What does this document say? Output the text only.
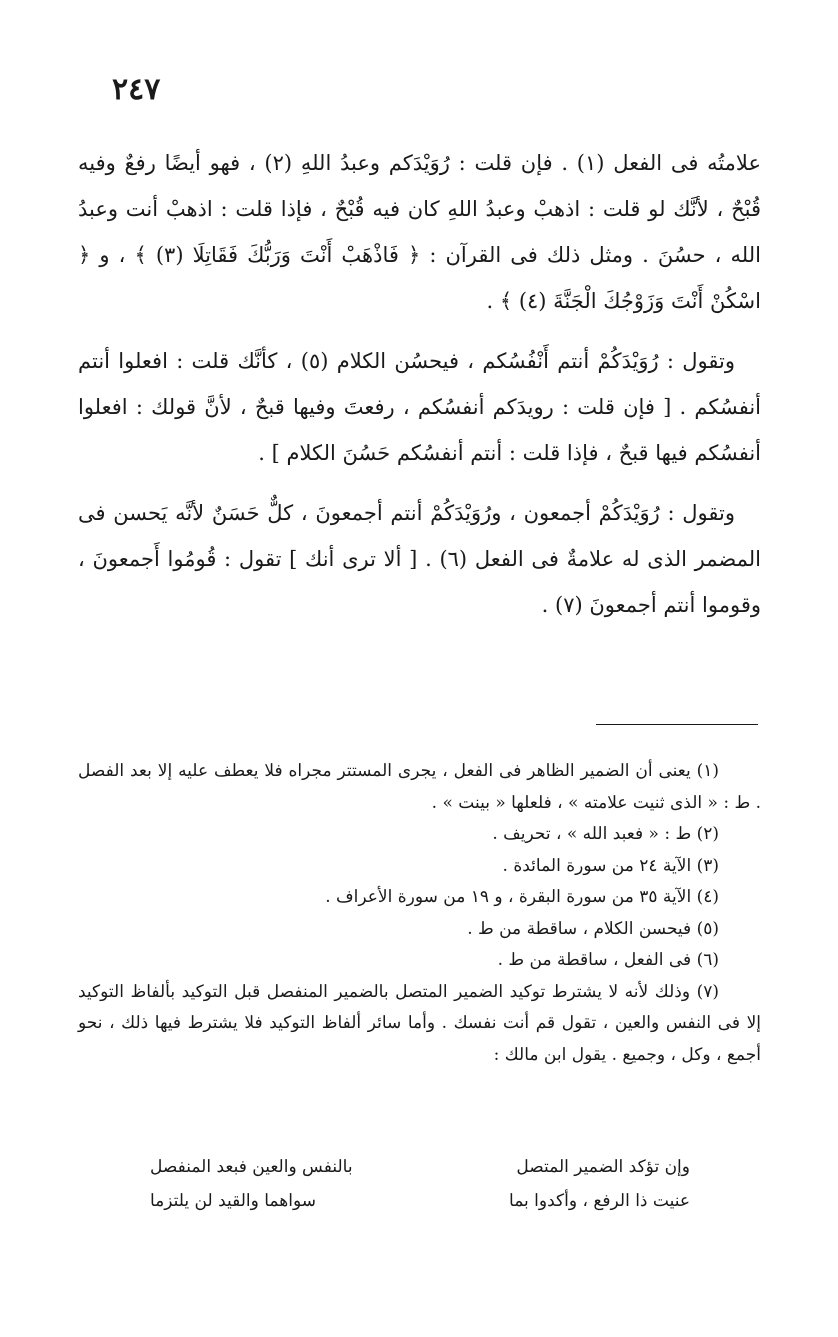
٢٤٧

علامتُه فى الفعل (١) . فإن قلت : رُوَيْدَكم وعبدُ اللهِ (٢) ، فهو أيضًا رفعٌ وفيه قُبْحٌ ، لأنَّك لو قلت : اذهبْ وعبدُ اللهِ كان فيه قُبْحٌ ، فإذا قلت : اذهبْ أنت وعبدُ الله ، حسُنَ . ومثل ذلك فى القرآن : ﴿ فَاذْهَبْ أَنْتَ وَرَبُّكَ فَقَاتِلَا (٣) ﴾ ، و ﴿ اسْكُنْ أَنْتَ وَزَوْجُكَ الْجَنَّةَ (٤) ﴾ .

وتقول : رُوَيْدَكُمْ أنتم أَنْفُسُكم ، فيحسُن الكلام (٥) ، كأنَّك قلت : افعلوا أنتم أنفسُكم . [ فإن قلت : رويدَكم أنفسُكم ، رفعتَ وفيها قبحٌ ، لأنَّ قولك : افعلوا أنفسُكم فيها قبحٌ ، فإذا قلت : أنتم أنفسُكم حَسُنَ الكلام ] .

وتقول : رُوَيْدَكُمْ أجمعون ، ورُوَيْدَكُمْ أنتم أجمعونَ ، كلٌّ حَسَنٌ لأنَّه يَحسن فى المضمر الذى له علامةٌ فى الفعل (٦) . [ ألا ترى أنك ] تقول : قُومُوا أَجمعونَ ، وقوموا أنتم أجمعونَ (٧) .

(١) يعنى أن الضمير الظاهر فى الفعل ، يجرى المستتر مجراه فلا يعطف عليه إلا بعد الفصل . ط : « الذى ثنيت علامته » ، فلعلها « بينت » .

(٢) ط : « فعبد الله » ، تحريف .

(٣) الآية ٢٤ من سورة المائدة .

(٤) الآية ٣٥ من سورة البقرة ، و ١٩ من سورة الأعراف .

(٥) فيحسن الكلام ، ساقطة من ط .

(٦) فى الفعل ، ساقطة من ط .

(٧) وذلك لأنه لا يشترط توكيد الضمير المتصل بالضمير المنفصل قبل التوكيد بألفاظ التوكيد إلا فى النفس والعين ، تقول قم أنت نفسك . وأما سائر ألفاظ التوكيد فلا يشترط فيها ذلك ، نحو أجمع ، وكل ، وجميع . يقول ابن مالك :

وإن تؤكد الضمير المتصل
بالنفس والعين فبعد المنفصل
عنيت ذا الرفع ، وأكدوا بما
سواهما والقيد لن يلتزما
